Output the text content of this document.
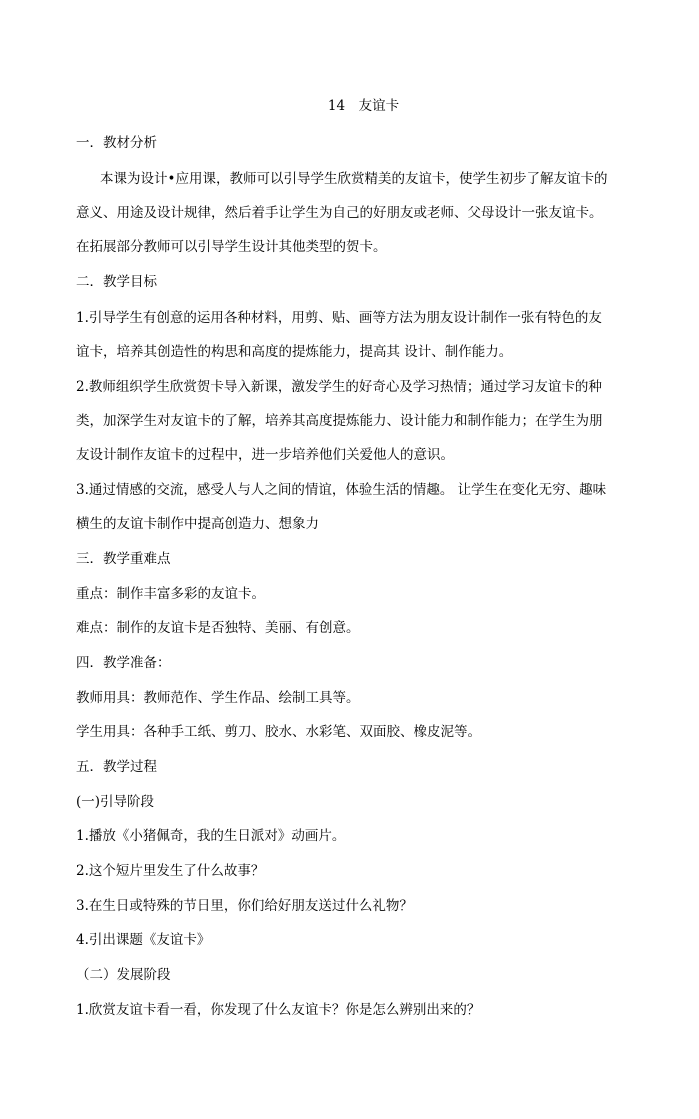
14　友谊卡
一．教材分析
本课为设计•应用课，教师可以引导学生欣赏精美的友谊卡，使学生初步了解友谊卡的
意义、用途及设计规律，然后着手让学生为自己的好朋友或老师、父母设计一张友谊卡。
在拓展部分教师可以引导学生设计其他类型的贺卡。
二．教学目标
1.引导学生有创意的运用各种材料，用剪、贴、画等方法为朋友设计制作一张有特色的友
谊卡，培养其创造性的构思和高度的提炼能力，提高其 设计、制作能力。
2.教师组织学生欣赏贺卡导入新课，激发学生的好奇心及学习热情；通过学习友谊卡的种
类，加深学生对友谊卡的了解，培养其高度提炼能力、设计能力和制作能力；在学生为朋
友设计制作友谊卡的过程中，进一步培养他们关爱他人的意识。
3.通过情感的交流，感受人与人之间的情谊，体验生活的情趣。 让学生在变化无穷、趣味
横生的友谊卡制作中提高创造力、想象力
三．教学重难点
重点：制作丰富多彩的友谊卡。
难点：制作的友谊卡是否独特、美丽、有创意。
四．教学准备：
教师用具：教师范作、学生作品、绘制工具等。
学生用具：各种手工纸、剪刀、胶水、水彩笔、双面胶、橡皮泥等。
五．教学过程
(一)引导阶段
1.播放《小猪佩奇，我的生日派对》动画片。
2.这个短片里发生了什么故事？
3.在生日或特殊的节日里，你们给好朋友送过什么礼物？
4.引出课题《友谊卡》
（二）发展阶段
1.欣赏友谊卡看一看，你发现了什么友谊卡？你是怎么辨别出来的？
